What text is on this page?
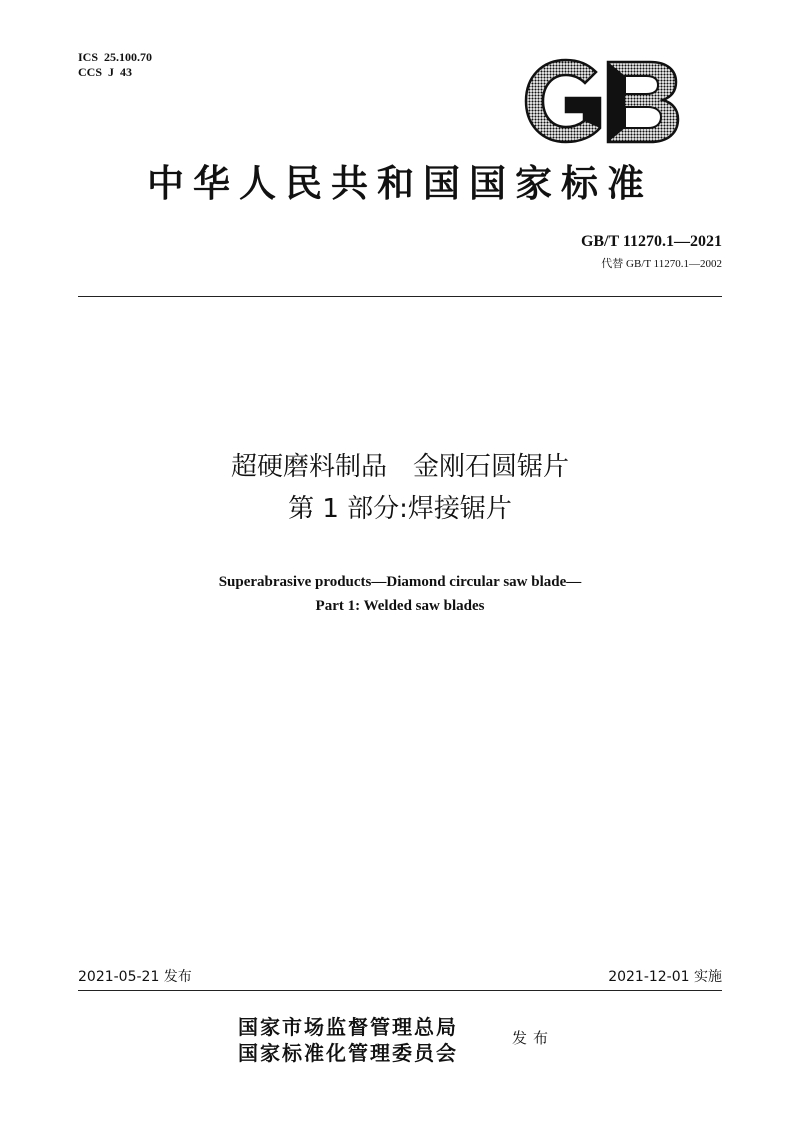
ICS  25.100.70
CCS  J  43
中华人民共和国国家标准
GB/T 11270.1—2021
代替 GB/T 11270.1—2002
超硬磨料制品　金刚石圆锯片
第 1 部分:焊接锯片
Superabrasive products—Diamond circular saw blade—
Part 1: Welded saw blades
2021-05-21 发布	2021-12-01 实施
国家市场监督管理总局
国家标准化管理委员会
发布
